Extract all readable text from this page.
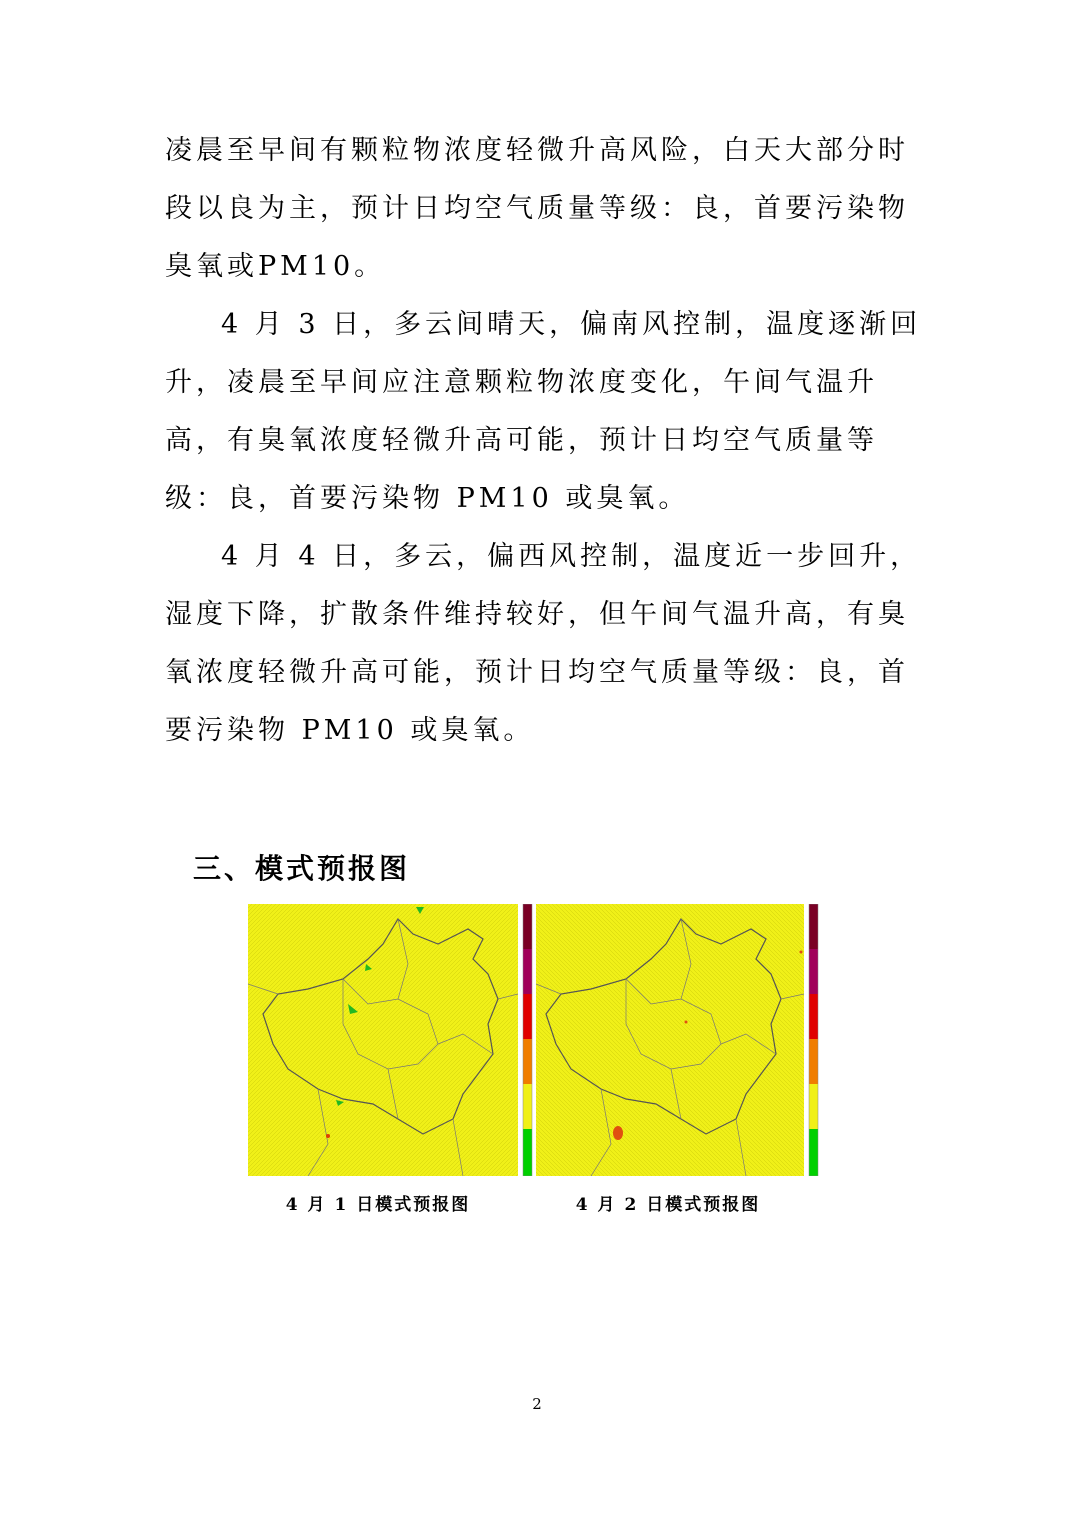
凌晨至早间有颗粒物浓度轻微升高风险，白天大部分时段以良为主，预计日均空气质量等级：良，首要污染物臭氧或PM10。

4 月 3 日，多云间晴天，偏南风控制，温度逐渐回升，凌晨至早间应注意颗粒物浓度变化，午间气温升高，有臭氧浓度轻微升高可能，预计日均空气质量等级：良，首要污染物 PM10 或臭氧。

4 月 4 日，多云，偏西风控制，温度近一步回升，湿度下降，扩散条件维持较好，但午间气温升高，有臭氧浓度轻微升高可能，预计日均空气质量等级：良，首要污染物 PM10 或臭氧。

三、模式预报图
4 月 1 日模式预报图	4 月 2 日模式预报图
2
